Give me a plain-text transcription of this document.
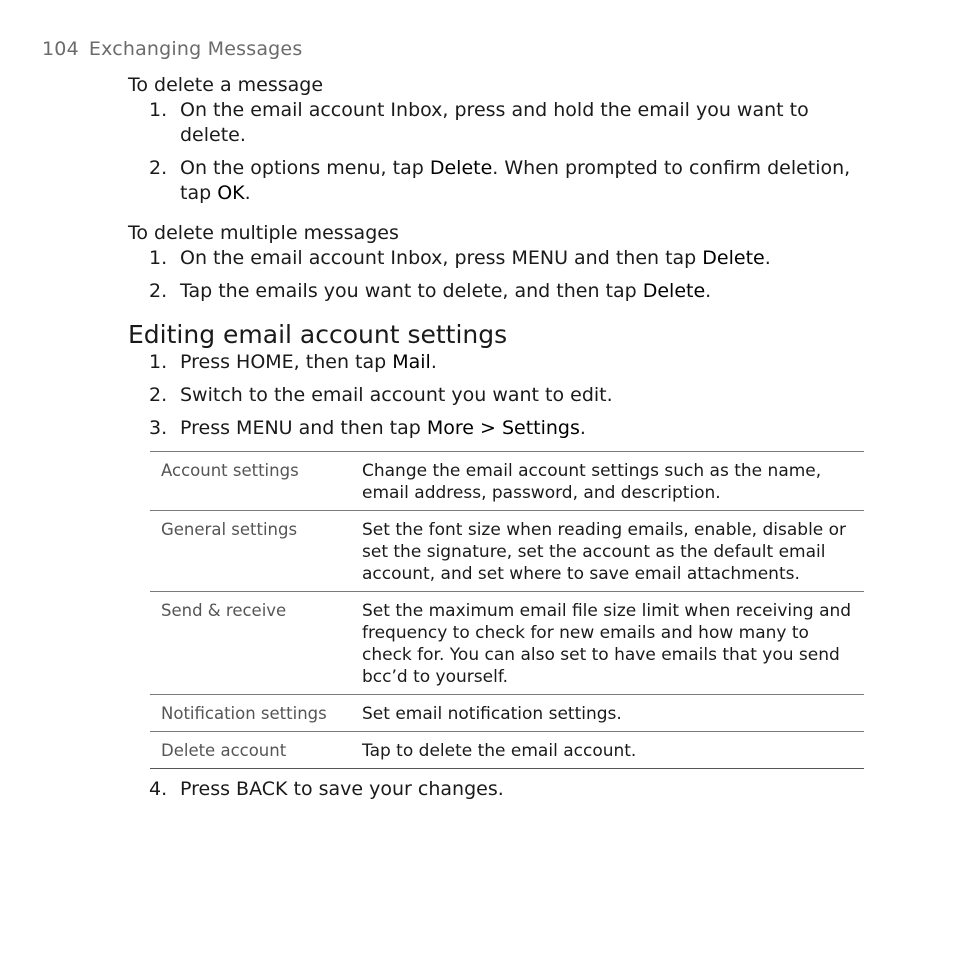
104 Exchanging Messages
To delete a message
1. On the email account Inbox, press and hold the email you want to delete.
2. On the options menu, tap Delete. When prompted to confirm deletion, tap OK.
To delete multiple messages
1. On the email account Inbox, press MENU and then tap Delete.
2. Tap the emails you want to delete, and then tap Delete.
Editing email account settings
1. Press HOME, then tap Mail.
2. Switch to the email account you want to edit.
3. Press MENU and then tap More > Settings.
Account settings	Change the email account settings such as the name, email address, password, and description.
General settings	Set the font size when reading emails, enable, disable or set the signature, set the account as the default email account, and set where to save email attachments.
Send & receive	Set the maximum email file size limit when receiving and frequency to check for new emails and how many to check for. You can also set to have emails that you send bcc’d to yourself.
Notification settings	Set email notification settings.
Delete account	Tap to delete the email account.
4. Press BACK to save your changes.
